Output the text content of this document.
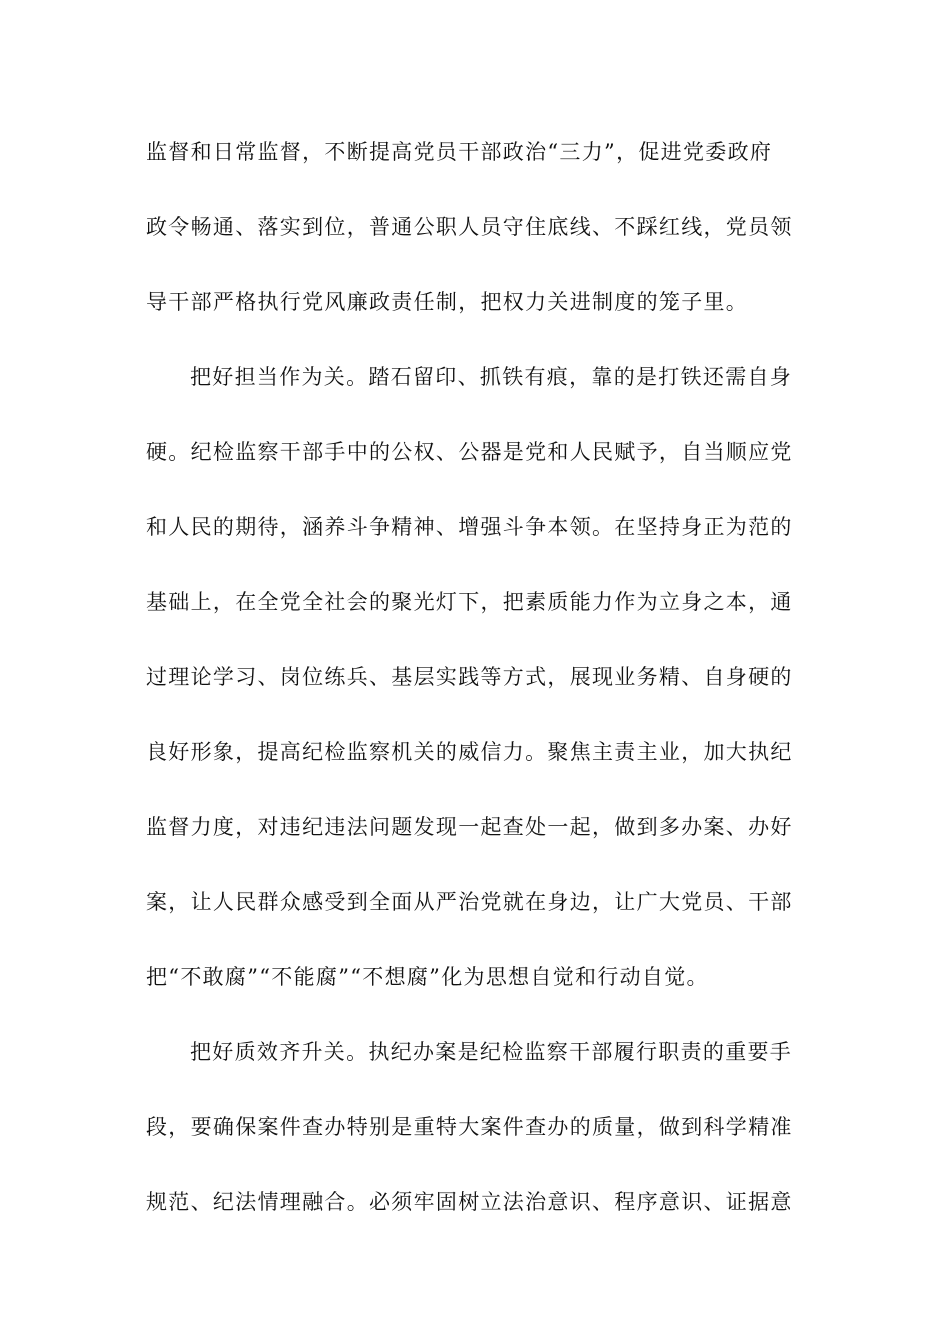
监督和日常监督，不断提高党员干部政治“三力”，促进党委政府
政令畅通、落实到位，普通公职人员守住底线、不踩红线，党员领
导干部严格执行党风廉政责任制，把权力关进制度的笼子里。
把好担当作为关。踏石留印、抓铁有痕，靠的是打铁还需自身
硬。纪检监察干部手中的公权、公器是党和人民赋予，自当顺应党
和人民的期待，涵养斗争精神、增强斗争本领。在坚持身正为范的
基础上，在全党全社会的聚光灯下，把素质能力作为立身之本，通
过理论学习、岗位练兵、基层实践等方式，展现业务精、自身硬的
良好形象，提高纪检监察机关的威信力。聚焦主责主业，加大执纪
监督力度，对违纪违法问题发现一起查处一起，做到多办案、办好
案，让人民群众感受到全面从严治党就在身边，让广大党员、干部
把“不敢腐”“不能腐”“不想腐”化为思想自觉和行动自觉。
把好质效齐升关。执纪办案是纪检监察干部履行职责的重要手
段，要确保案件查办特别是重特大案件查办的质量，做到科学精准
规范、纪法情理融合。必须牢固树立法治意识、程序意识、证据意
